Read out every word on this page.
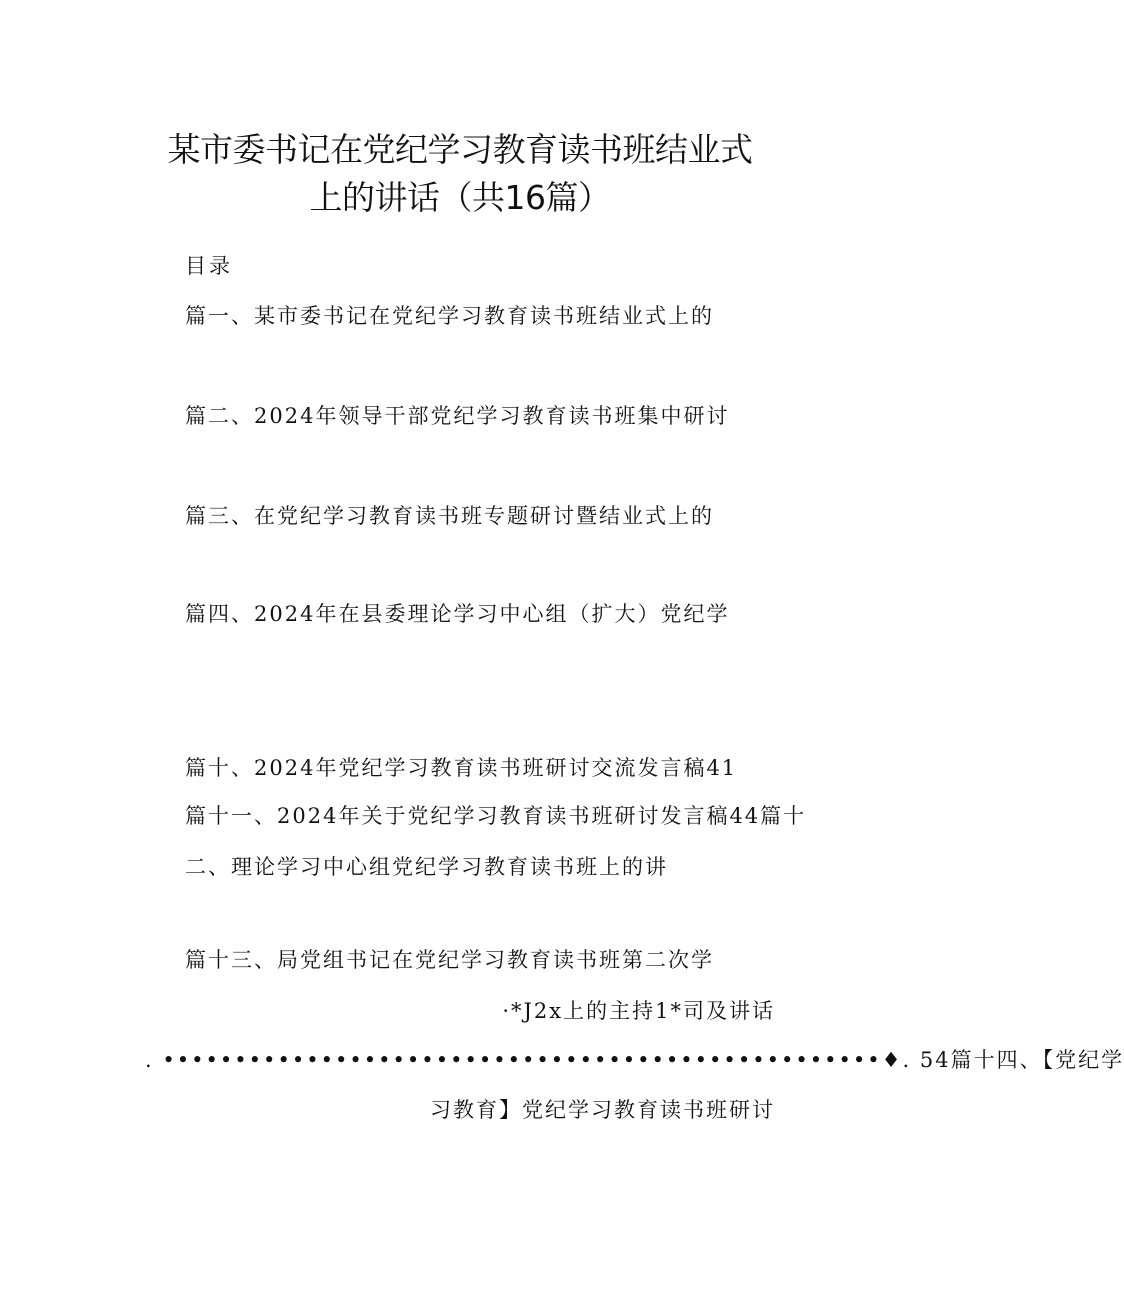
某市委书记在党纪学习教育读书班结业式
上的讲话（共16篇）
目录
篇一、某市委书记在党纪学习教育读书班结业式上的
篇二、2024年领导干部党纪学习教育读书班集中研讨
篇三、在党纪学习教育读书班专题研讨暨结业式上的
篇四、2024年在县委理论学习中心组（扩大）党纪学
篇十、2024年党纪学习教育读书班研讨交流发言稿41
篇十一、2024年关于党纪学习教育读书班研讨发言稿44篇十
二、理论学习中心组党纪学习教育读书班上的讲
篇十三、局党组书记在党纪学习教育读书班第二次学
·*J2x上的主持1*司及讲话
. ••••••••••••••••••••••••••••••••••••••••••••••••••♦. 54篇十四、【党纪学
习教育】党纪学习教育读书班研讨
